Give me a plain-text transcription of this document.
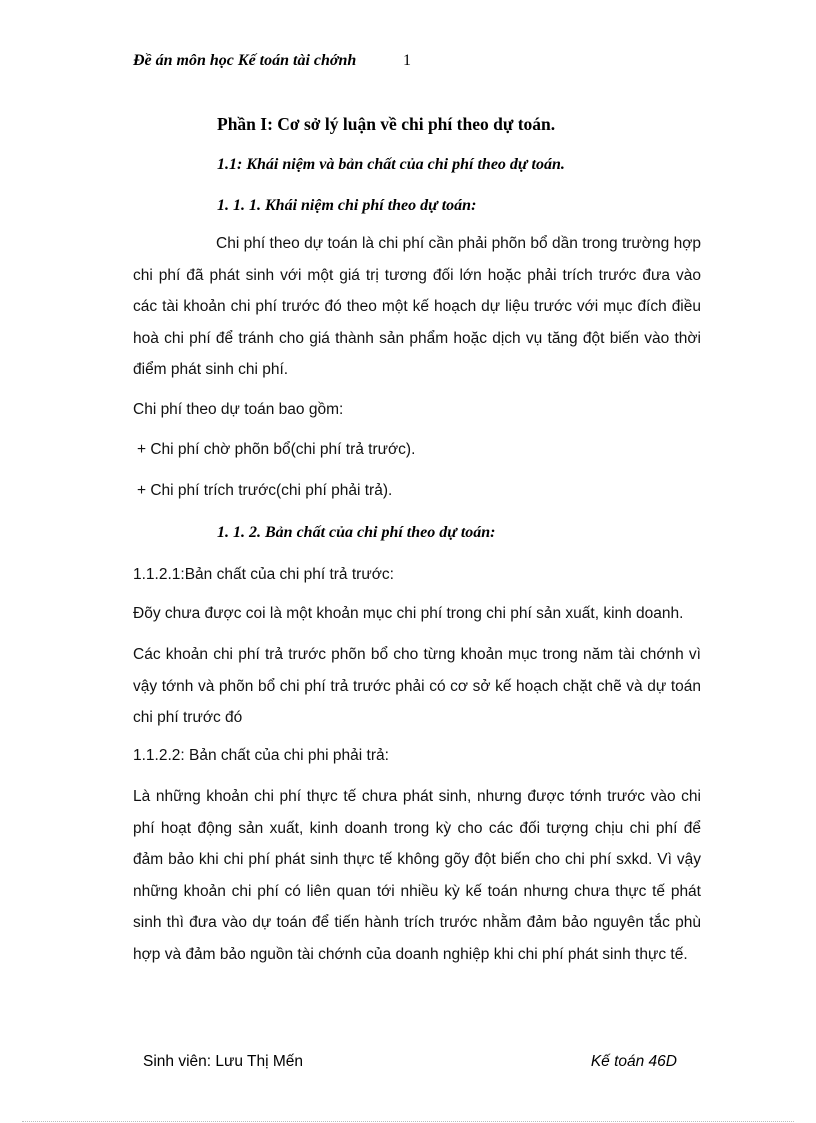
Đề án môn học Kế toán tài chớnh	1
Phần I: Cơ sở lý luận về chi phí theo dự toán.
1.1: Khái niệm và bản chất của chi phí theo dự toán.
1. 1. 1. Khái niệm chi phí theo dự toán:
Chi phí theo dự toán là chi phí cần phải phõn bổ dần trong trường hợp chi phí đã phát sinh với một giá trị tương đối lớn hoặc phải trích trước đưa vào các tài khoản chi phí trước đó theo một kế hoạch dự liệu trước với mục đích điều hoà chi phí để tránh cho giá thành sản phẩm hoặc dịch vụ tăng đột biến vào thời điểm phát sinh chi phí.
Chi phí theo dự toán bao gồm:
+ Chi phí chờ phõn bổ(chi phí trả trước).
+ Chi phí trích trước(chi phí phải trả).
1. 1. 2. Bản chất của chi phí theo dự toán:
1.1.2.1:Bản chất của chi phí trả trước:
Đõy chưa được coi là một khoản mục chi phí trong chi phí sản xuất, kinh doanh.
Các khoản chi phí trả trước phõn bổ cho từng khoản mục trong năm tài chớnh vì vậy tớnh và phõn bổ chi phí trả trước phải có cơ sở kế hoạch chặt chẽ và dự toán chi phí trước đó
1.1.2.2: Bản chất của chi phi phải trả:
Là những khoản chi phí thực tế chưa phát sinh, nhưng được tớnh trước vào chi phí hoạt động sản xuất, kinh doanh trong kỳ cho các đối tượng chịu chi phí để đảm bảo khi chi phí phát sinh thực tế không gõy đột biến cho chi phí sxkd. Vì vậy những khoản chi phí có liên quan tới nhiều kỳ kế toán nhưng chưa thực tế phát sinh thì đưa vào dự toán để tiến hành trích trước nhằm đảm bảo nguyên tắc phù hợp và đảm bảo nguồn tài chớnh của doanh nghiệp khi chi phí phát sinh thực tế.
Sinh viên: Lưu Thị Mến	Kế toán 46D
